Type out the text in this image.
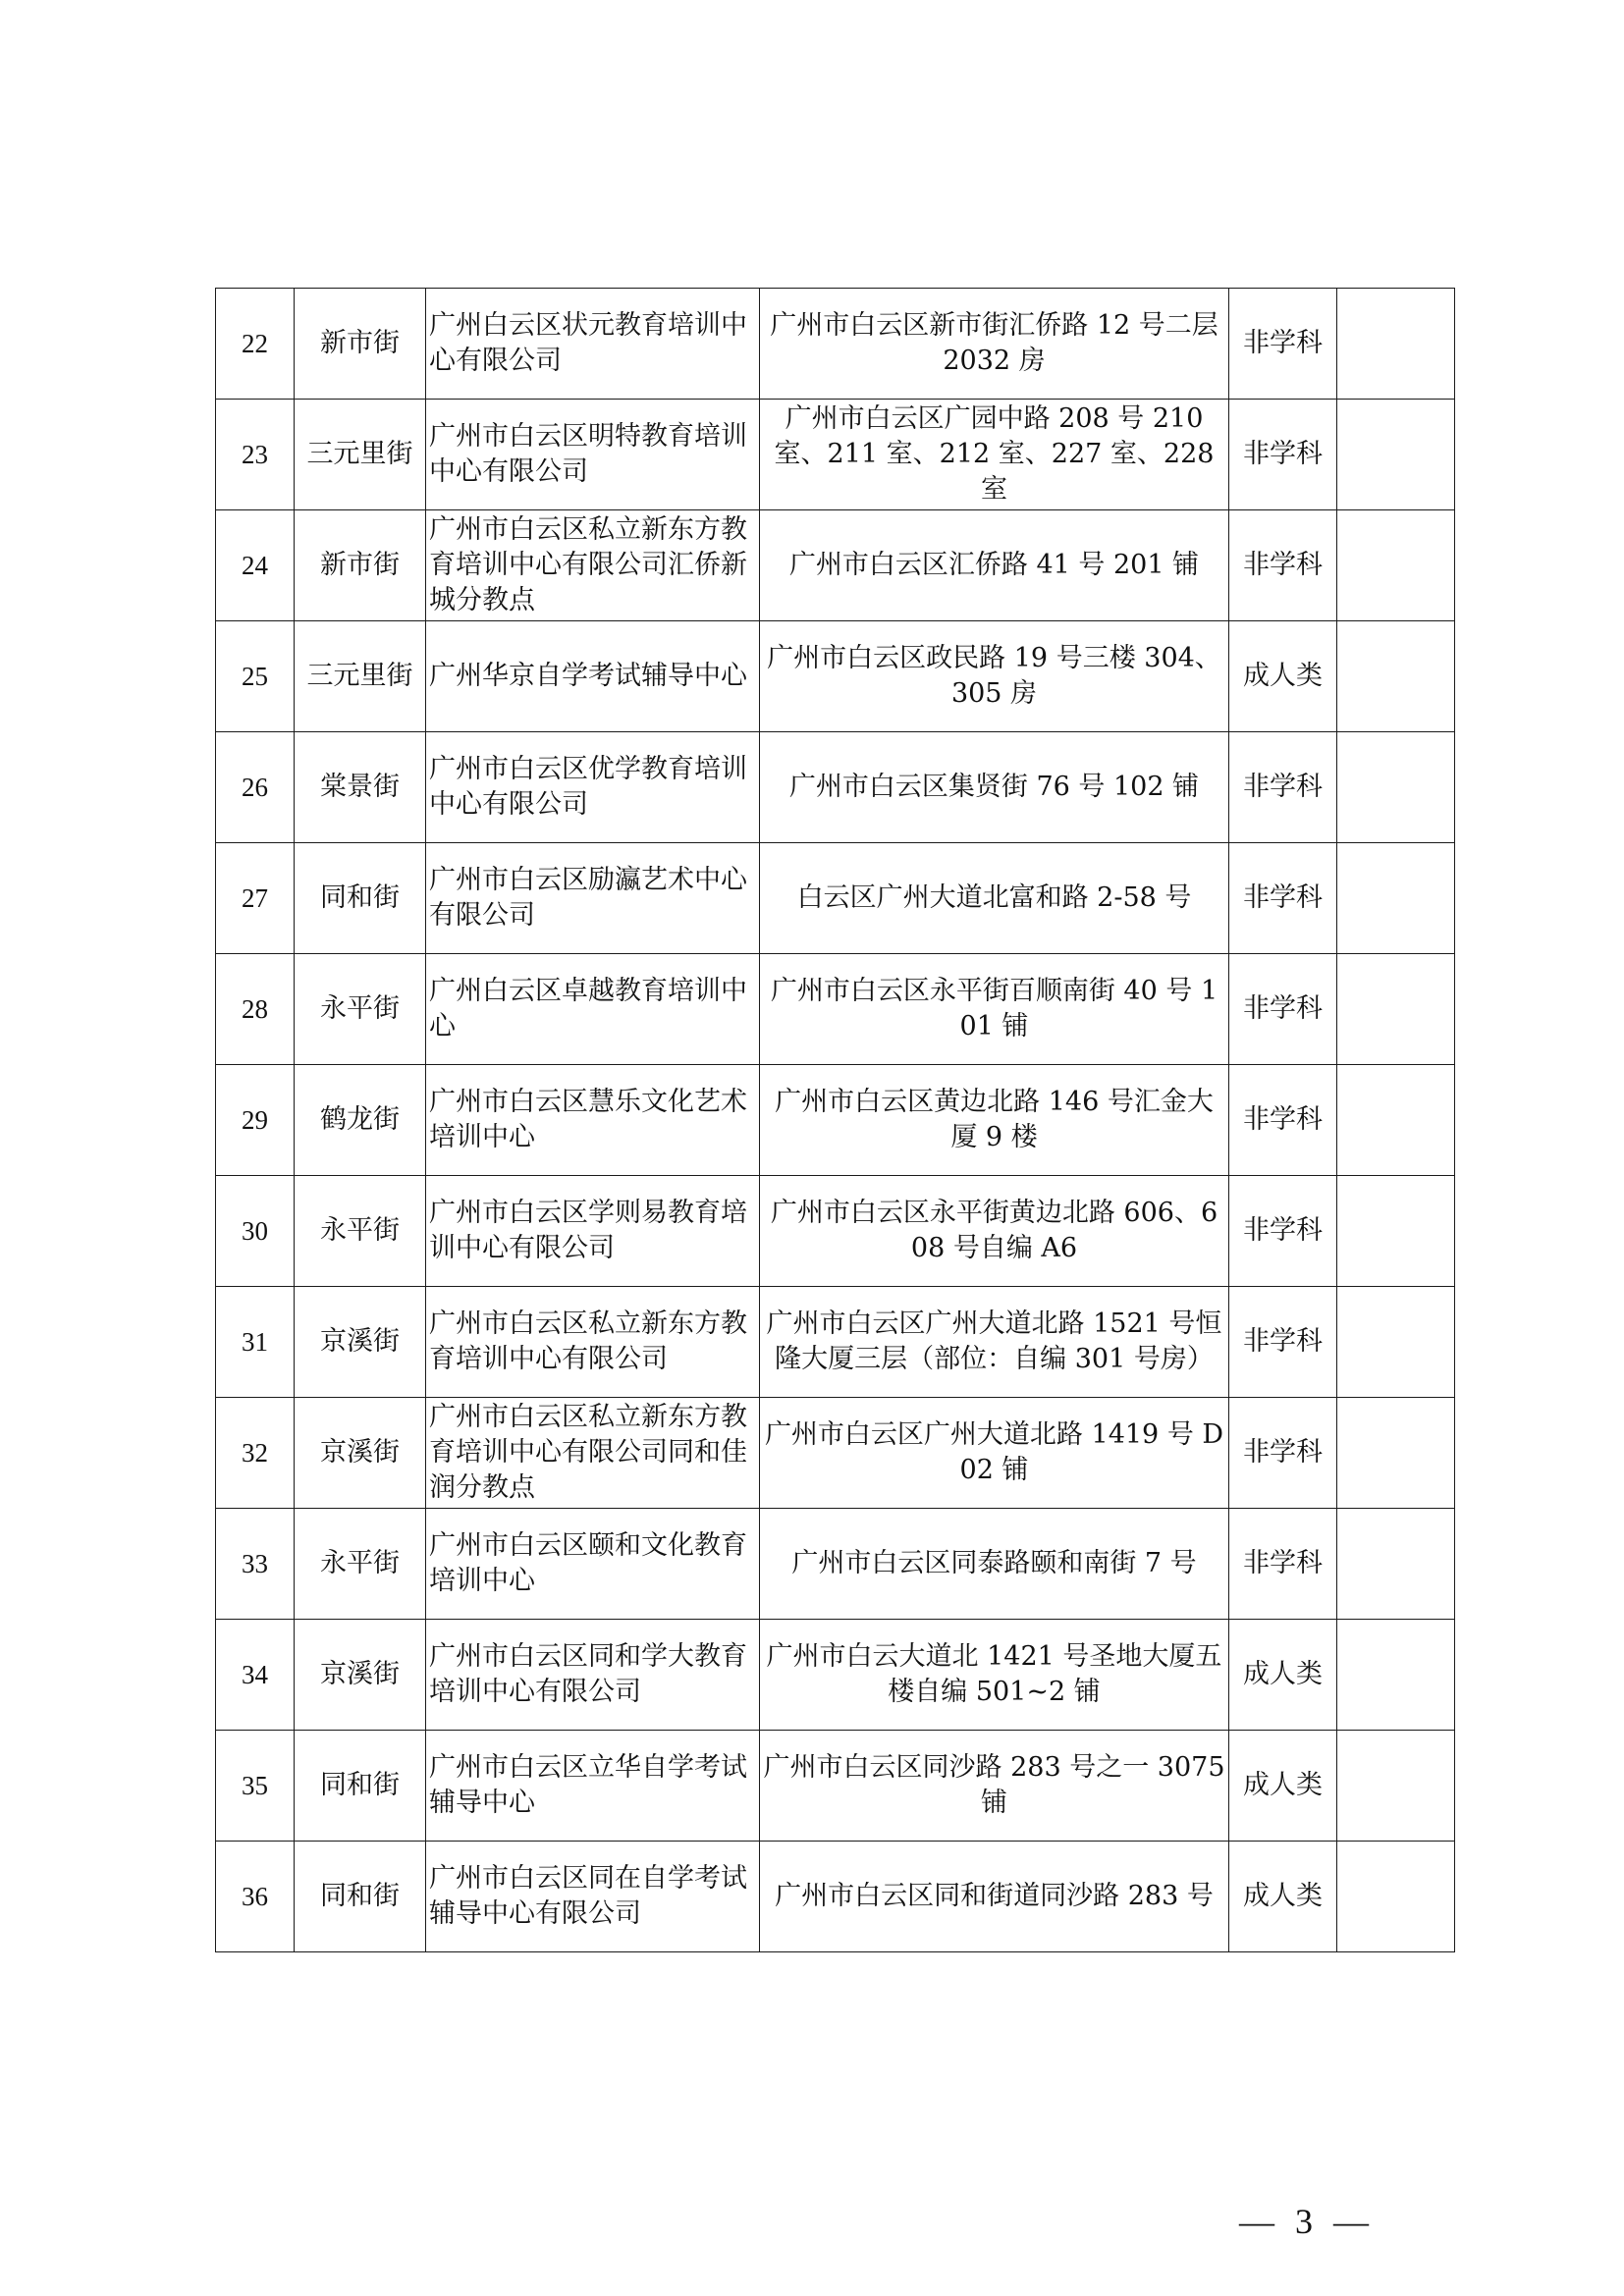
22	新市街	广州白云区状元教育培训中心有限公司	广州市白云区新市街汇侨路 12 号二层 2032 房	非学科	
23	三元里街	广州市白云区明特教育培训中心有限公司	广州市白云区广园中路 208 号 210 室、211 室、212 室、227 室、228 室	非学科	
24	新市街	广州市白云区私立新东方教育培训中心有限公司汇侨新城分教点	广州市白云区汇侨路 41 号 201 铺	非学科	
25	三元里街	广州华京自学考试辅导中心	广州市白云区政民路 19 号三楼 304、305 房	成人类	
26	棠景街	广州市白云区优学教育培训中心有限公司	广州市白云区集贤街 76 号 102 铺	非学科	
27	同和街	广州市白云区励瀛艺术中心有限公司	白云区广州大道北富和路 2-58 号	非学科	
28	永平街	广州白云区卓越教育培训中心	广州市白云区永平街百顺南街 40 号 101 铺	非学科	
29	鹤龙街	广州市白云区慧乐文化艺术培训中心	广州市白云区黄边北路 146 号汇金大厦 9 楼	非学科	
30	永平街	广州市白云区学则易教育培训中心有限公司	广州市白云区永平街黄边北路 606、608 号自编 A6	非学科	
31	京溪街	广州市白云区私立新东方教育培训中心有限公司	广州市白云区广州大道北路 1521 号恒隆大厦三层（部位：自编 301 号房）	非学科	
32	京溪街	广州市白云区私立新东方教育培训中心有限公司同和佳润分教点	广州市白云区广州大道北路 1419 号 D02 铺	非学科	
33	永平街	广州市白云区颐和文化教育培训中心	广州市白云区同泰路颐和南街 7 号	非学科	
34	京溪街	广州市白云区同和学大教育培训中心有限公司	广州市白云大道北 1421 号圣地大厦五楼自编 501~2 铺	成人类	
35	同和街	广州市白云区立华自学考试辅导中心	广州市白云区同沙路 283 号之一 3075 铺	成人类	
36	同和街	广州市白云区同在自学考试辅导中心有限公司	广州市白云区同和街道同沙路 283 号	成人类	
— 3 —
